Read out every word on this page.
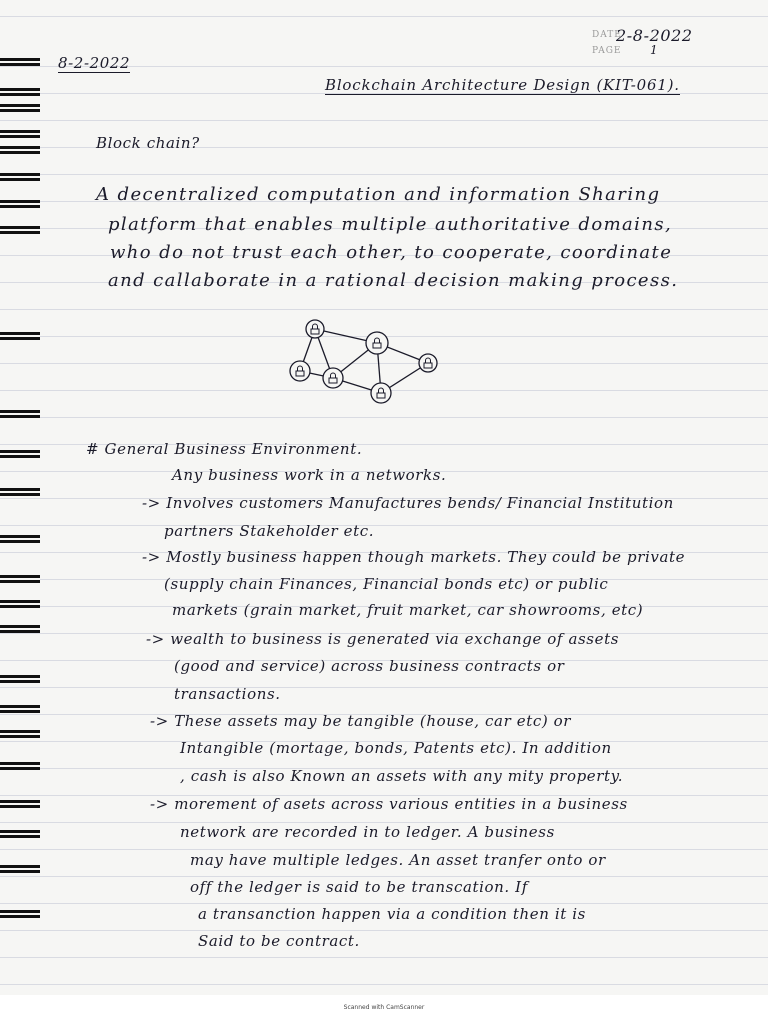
8-2-2022
DATE
PAGE
2-8-2022
1
Blockchain Architecture Design (KIT-061).
Block chain?
A decentralized computation and information Sharing
platform that enables multiple authoritative domains,
who do not trust each other, to cooperate, coordinate
and callaborate in a rational decision making process.
# General Business Environment.
Any business work in a networks.
-> Involves customers Manufactures bends/ Financial Institution
partners Stakeholder etc.
-> Mostly business happen though markets. They could be private
(supply chain Finances, Financial bonds etc) or public
markets (grain market, fruit market, car showrooms, etc)
-> wealth to business is generated via exchange of assets
(good and service) across business contracts or
transactions.
-> These assets may be tangible (house, car etc) or
Intangible (mortage, bonds, Patents etc). In addition
, cash is also Known an assets with any mity property.
-> morement of asets across various entities in a business
network are recorded in to ledger. A business
may have multiple ledges. An asset tranfer onto or
off the ledger is said to be transcation. If
a transanction happen via a condition then it is
Said to be contract.
Scanned with CamScanner
